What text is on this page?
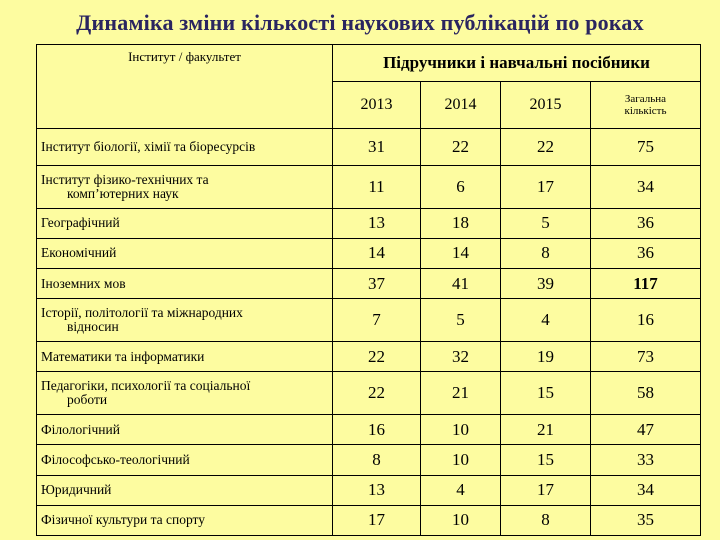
Динаміка зміни кількості наукових публікацій по роках
Інститут / факультет	Підручники і навчальні посібники			
	2013	2014	2015	Загальна
кількість
Інститут біології, хімії та біоресурсів	31	22	22	75
Інститут фізико-технічних та
комп’ютерних наук	11	6	17	34
Географічний	13	18	5	36
Економічний	14	14	8	36
Іноземних мов	37	41	39	117
Історії, політології та міжнародних
відносин	7	5	4	16
Математики та інформатики	22	32	19	73
Педагогіки, психології та соціальної
роботи	22	21	15	58
Філологічний	16	10	21	47
Філософсько-теологічний	8	10	15	33
Юридичний	13	4	17	34
Фізичної культури та спорту	17	10	8	35
